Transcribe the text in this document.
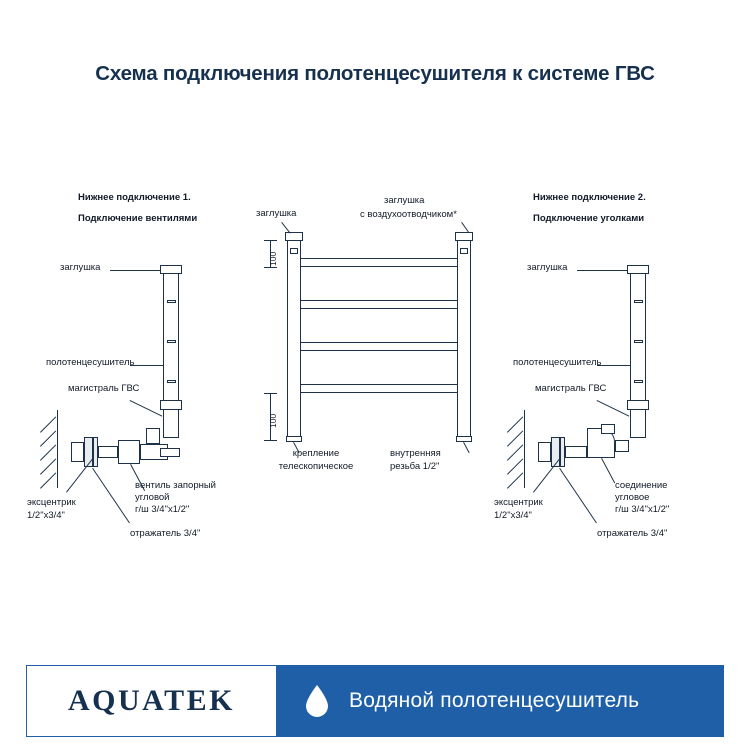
Схема подключения полотенцесушителя к системе ГВС
Нижнее подключение 1.
Подключение вентилями
заглушка
полотенцесушитель
магистраль ГВС
эксцентрик
1/2"х3/4"
вентиль запорный
угловой
г/ш 3/4"х1/2"
отражатель 3/4"
100
100
заглушка
заглушка
с воздухоотводчиком*
крепление
телескопическое
внутренняя
резьба 1/2"
Нижнее подключение 2.
Подключение уголками
заглушка
полотенцесушитель
магистраль ГВС
эксцентрик
1/2"х3/4"
соединение
угловое
г/ш 3/4"х1/2"
отражатель 3/4"
AQUATEK	Водяной полотенцесушитель
